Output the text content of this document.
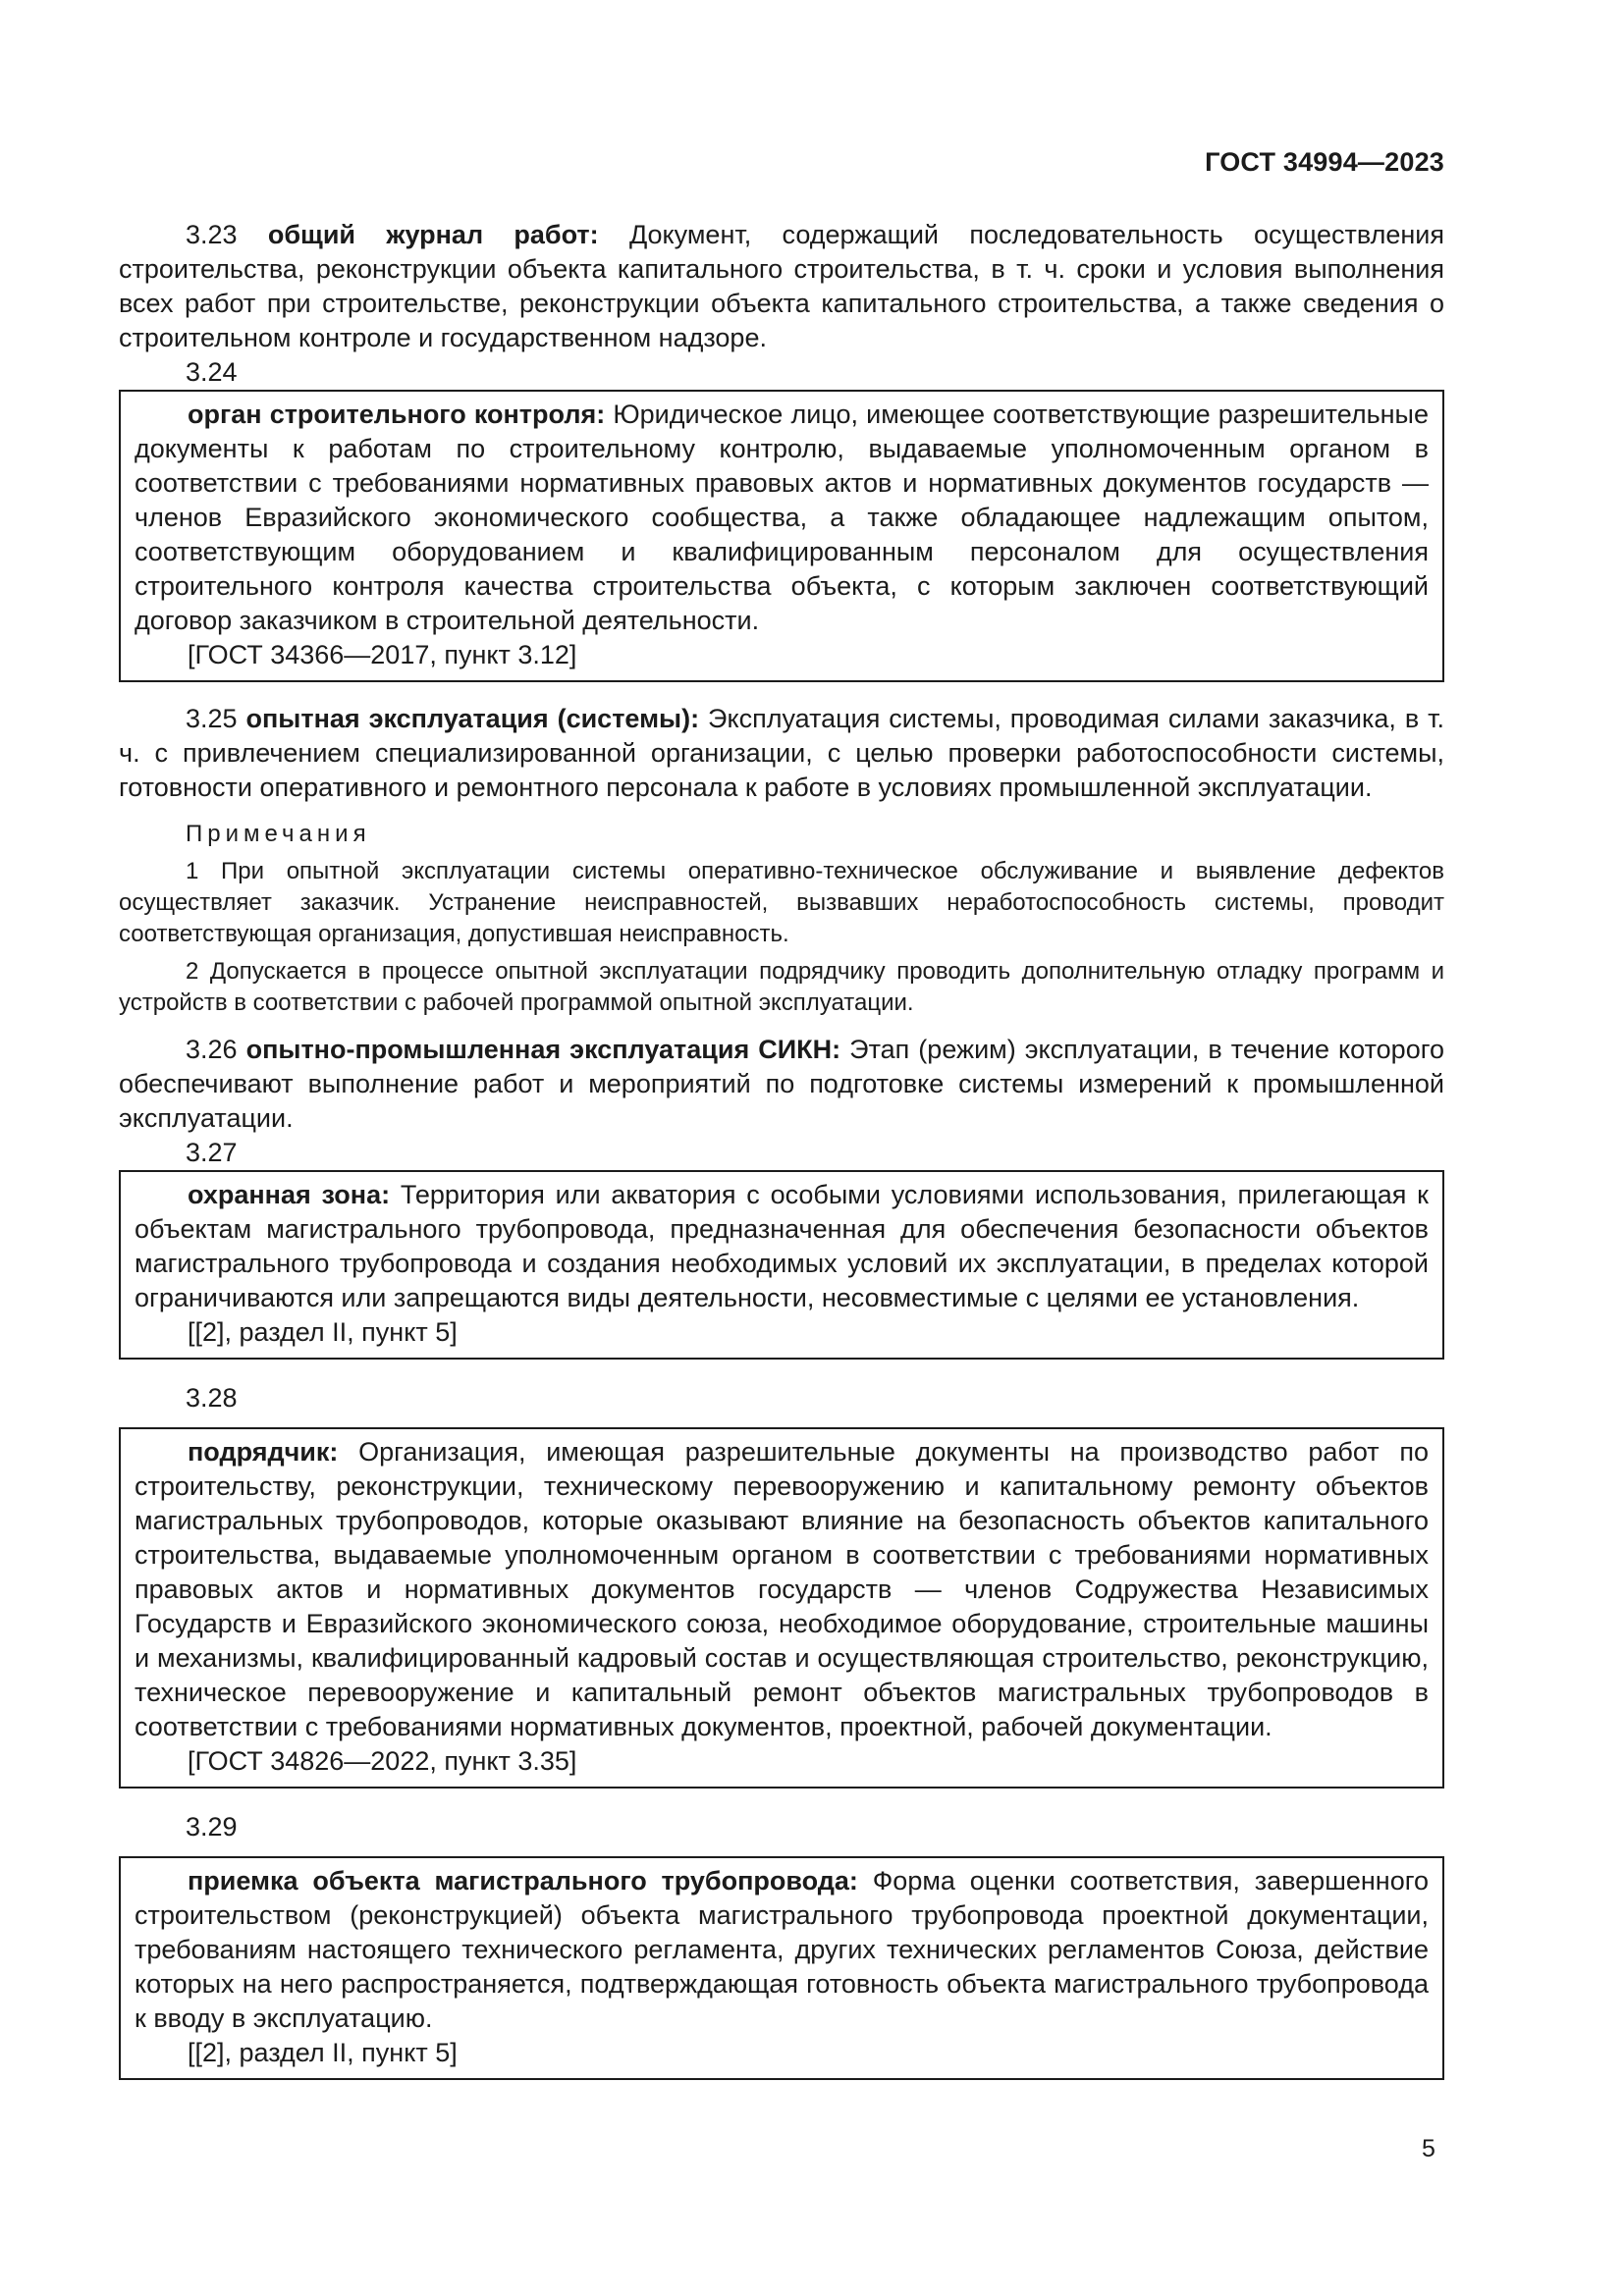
ГОСТ 34994—2023

3.23 общий журнал работ: Документ, содержащий последовательность осуществления строительства, реконструкции объекта капитального строительства, в т. ч. сроки и условия выполнения всех работ при строительстве, реконструкции объекта капитального строительства, а также сведения о строительном контроле и государственном надзоре.

3.24

орган строительного контроля: Юридическое лицо, имеющее соответствующие разрешительные документы к работам по строительному контролю, выдаваемые уполномоченным органом в соответствии с требованиями нормативных правовых актов и нормативных документов государств — членов Евразийского экономического сообщества, а также обладающее надлежащим опытом, соответствующим оборудованием и квалифицированным персоналом для осуществления строительного контроля качества строительства объекта, с которым заключен соответствующий договор заказчиком в строительной деятельности.

[ГОСТ 34366—2017, пункт 3.12]

3.25 опытная эксплуатация (системы): Эксплуатация системы, проводимая силами заказчика, в т. ч. с привлечением специализированной организации, с целью проверки работоспособности системы, готовности оперативного и ремонтного персонала к работе в условиях промышленной эксплуатации.

Примечания

1 При опытной эксплуатации системы оперативно-техническое обслуживание и выявление дефектов осуществляет заказчик. Устранение неисправностей, вызвавших неработоспособность системы, проводит соответствующая организация, допустившая неисправность.

2 Допускается в процессе опытной эксплуатации подрядчику проводить дополнительную отладку программ и устройств в соответствии с рабочей программой опытной эксплуатации.

3.26 опытно-промышленная эксплуатация СИКН: Этап (режим) эксплуатации, в течение которого обеспечивают выполнение работ и мероприятий по подготовке системы измерений к промышленной эксплуатации.

3.27

охранная зона: Территория или акватория с особыми условиями использования, прилегающая к объектам магистрального трубопровода, предназначенная для обеспечения безопасности объектов магистрального трубопровода и создания необходимых условий их эксплуатации, в пределах которой ограничиваются или запрещаются виды деятельности, несовместимые с целями ее установления.

[[2], раздел II, пункт 5]

3.28

подрядчик: Организация, имеющая разрешительные документы на производство работ по строительству, реконструкции, техническому перевооружению и капитальному ремонту объектов магистральных трубопроводов, которые оказывают влияние на безопасность объектов капитального строительства, выдаваемые уполномоченным органом в соответствии с требованиями нормативных правовых актов и нормативных документов государств — членов Содружества Независимых Государств и Евразийского экономического союза, необходимое оборудование, строительные машины и механизмы, квалифицированный кадровый состав и осуществляющая строительство, реконструкцию, техническое перевооружение и капитальный ремонт объектов магистральных трубопроводов в соответствии с требованиями нормативных документов, проектной, рабочей документации.

[ГОСТ 34826—2022, пункт 3.35]

3.29

приемка объекта магистрального трубопровода: Форма оценки соответствия, завершенного строительством (реконструкцией) объекта магистрального трубопровода проектной документации, требованиям настоящего технического регламента, других технических регламентов Союза, действие которых на него распространяется, подтверждающая готовность объекта магистрального трубопровода к вводу в эксплуатацию.

[[2], раздел II, пункт 5]
5
